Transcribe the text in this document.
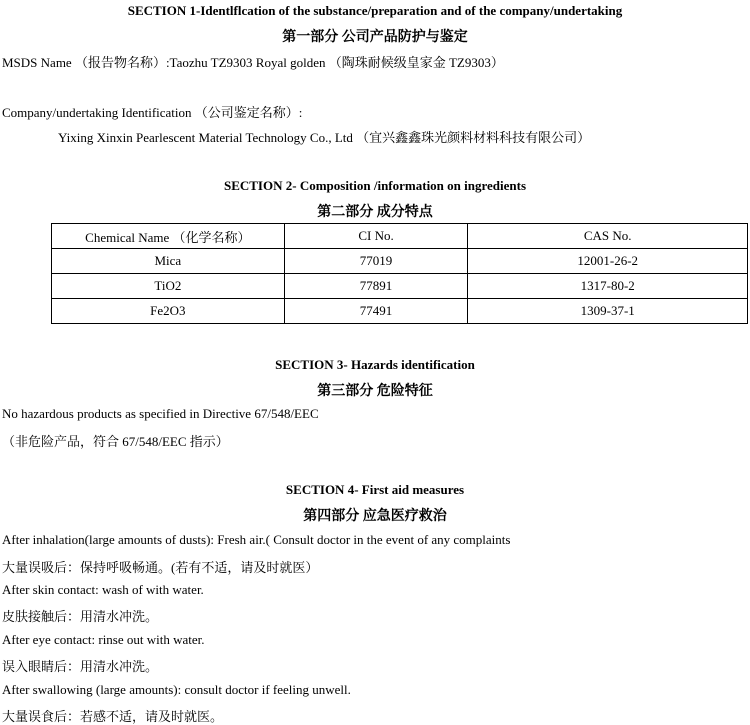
SECTION 1-Identlflcation of the substance/preparation and of the company/undertaking
第一部分 公司产品防护与鉴定
MSDS Name （报告物名称）:Taozhu TZ9303 Royal golden （陶珠耐候级皇家金 TZ9303）
Company/undertaking Identification （公司鉴定名称）:
Yixing Xinxin Pearlescent Material Technology Co., Ltd （宜兴鑫鑫珠光颜料材料科技有限公司）
SECTION 2- Composition /information on ingredients
第二部分 成分特点
Chemical Name （化学名称）	CI No.	CAS No.
Mica	77019	12001-26-2
TiO2	77891	1317-80-2
Fe2O3	77491	1309-37-1
SECTION 3- Hazards identification
第三部分 危险特征
No hazardous products as specified in Directive 67/548/EEC
（非危险产品，符合 67/548/EEC 指示）
SECTION 4- First aid measures
第四部分 应急医疗救治
After inhalation(large amounts of dusts): Fresh air.( Consult doctor in the event of any complaints
大量误吸后：保持呼吸畅通。(若有不适，请及时就医）
After skin contact: wash of with water.
皮肤接触后：用清水冲洗。
After eye contact: rinse out with water.
误入眼睛后：用清水冲洗。
After swallowing (large amounts): consult doctor if feeling unwell.
大量误食后：若感不适，请及时就医。
